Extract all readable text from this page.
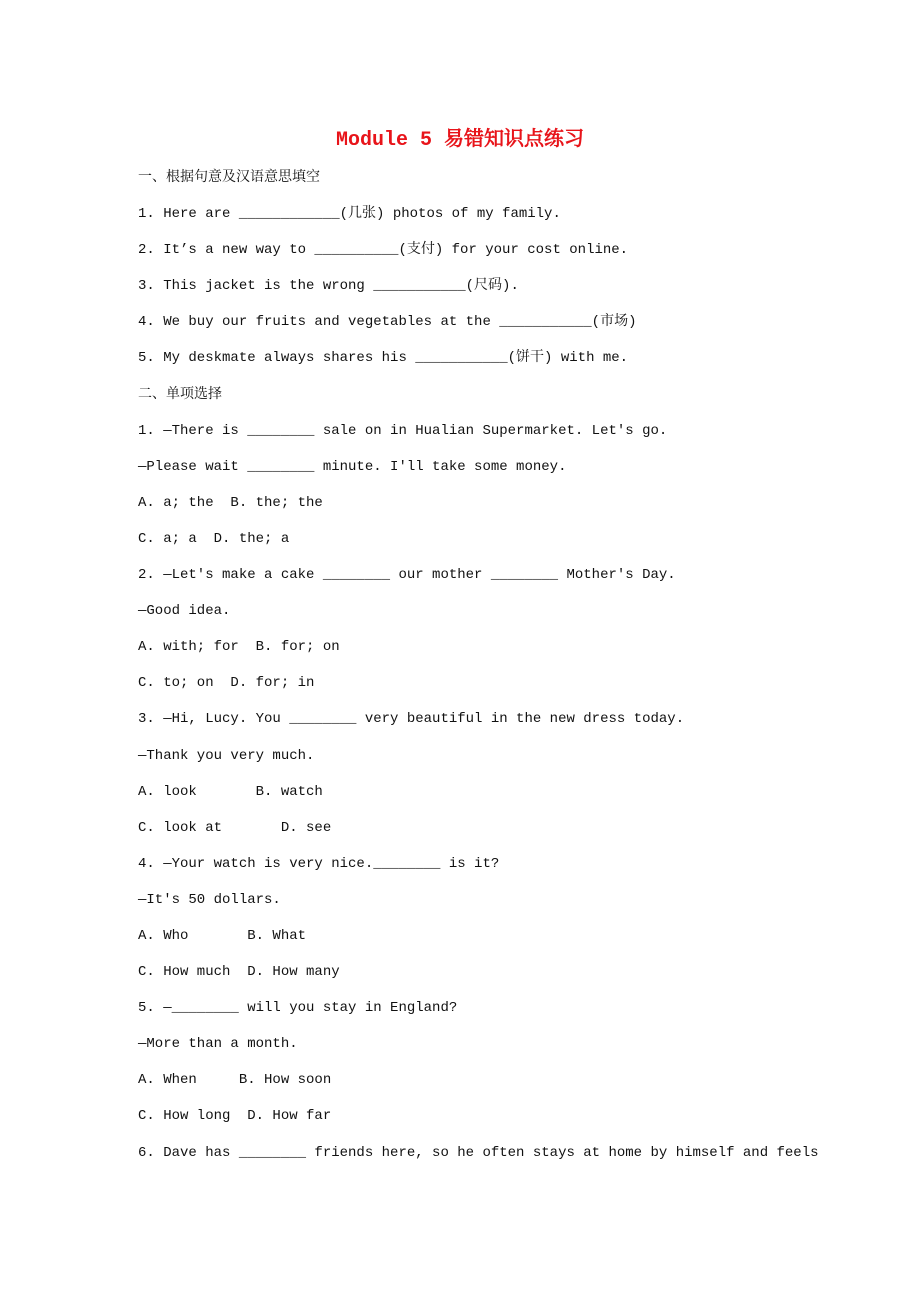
Module 5 易错知识点练习
一、根据句意及汉语意思填空
1. Here are ____________(几张) photos of my family.
2. It’s a new way to __________(支付) for your cost online.
3. This jacket is the wrong ___________(尺码).
4. We buy our fruits and vegetables at the ___________(市场)
5. My deskmate always shares his ___________(饼干) with me.
二、单项选择
1. —There is ________ sale on in Hualian Supermarket. Let's go.
—Please wait ________ minute. I'll take some money.
A. a; the  B. the; the
C. a; a  D. the; a
2. —Let's make a cake ________ our mother ________ Mother's Day.
—Good idea.
A. with; for  B. for; on
C. to; on  D. for; in
3. —Hi, Lucy. You ________ very beautiful in the new dress today.
—Thank you very much.
A. look       B. watch
C. look at       D. see
4. —Your watch is very nice.________ is it?
—It's 50 dollars.
A. Who       B. What
C. How much  D. How many
5. —________ will you stay in England?
—More than a month.
A. When     B. How soon
C. How long  D. How far
6. Dave has ________ friends here, so he often stays at home by himself and feels
